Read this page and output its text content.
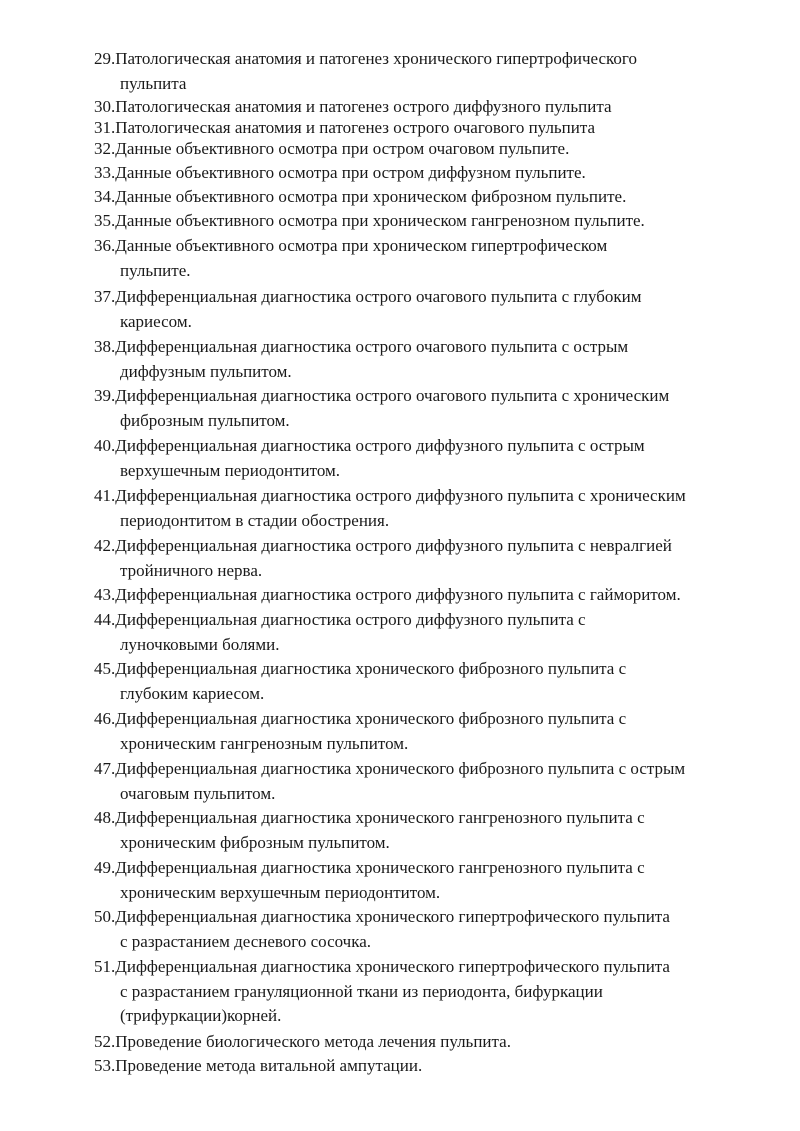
29.Патологическая анатомия и патогенез хронического гипертрофического
пульпита
30.Патологическая анатомия и патогенез острого диффузного пульпита
31.Патологическая анатомия и патогенез острого очагового пульпита
32.Данные объективного осмотра при остром очаговом пульпите.
33.Данные объективного осмотра при остром диффузном пульпите.
34.Данные объективного осмотра при хроническом фиброзном пульпите.
35.Данные объективного осмотра при хроническом гангренозном пульпите.
36.Данные объективного осмотра при хроническом гипертрофическом
пульпите.
37.Дифференциальная диагностика острого очагового пульпита с глубоким
кариесом.
38.Дифференциальная диагностика острого очагового пульпита с острым
диффузным пульпитом.
39.Дифференциальная диагностика острого очагового пульпита с хроническим
фиброзным пульпитом.
40.Дифференциальная диагностика острого диффузного пульпита с острым
верхушечным периодонтитом.
41.Дифференциальная диагностика острого диффузного пульпита с хроническим
периодонтитом в стадии обострения.
42.Дифференциальная диагностика острого диффузного пульпита с невралгией
тройничного нерва.
43.Дифференциальная диагностика острого диффузного пульпита с гайморитом.
44.Дифференциальная диагностика острого диффузного пульпита с
луночковыми болями.
45.Дифференциальная диагностика хронического фиброзного пульпита с
глубоким кариесом.
46.Дифференциальная диагностика хронического фиброзного пульпита с
хроническим гангренозным пульпитом.
47.Дифференциальная диагностика хронического фиброзного пульпита с острым
очаговым пульпитом.
48.Дифференциальная диагностика хронического гангренозного пульпита с
хроническим фиброзным пульпитом.
49.Дифференциальная диагностика хронического гангренозного пульпита с
хроническим верхушечным периодонтитом.
50.Дифференциальная диагностика хронического гипертрофического пульпита
с разрастанием десневого сосочка.
51.Дифференциальная диагностика хронического гипертрофического пульпита
с разрастанием грануляционной ткани из периодонта, бифуркации
(трифуркации)корней.
52.Проведение биологического метода лечения пульпита.
53.Проведение метода витальной ампутации.
